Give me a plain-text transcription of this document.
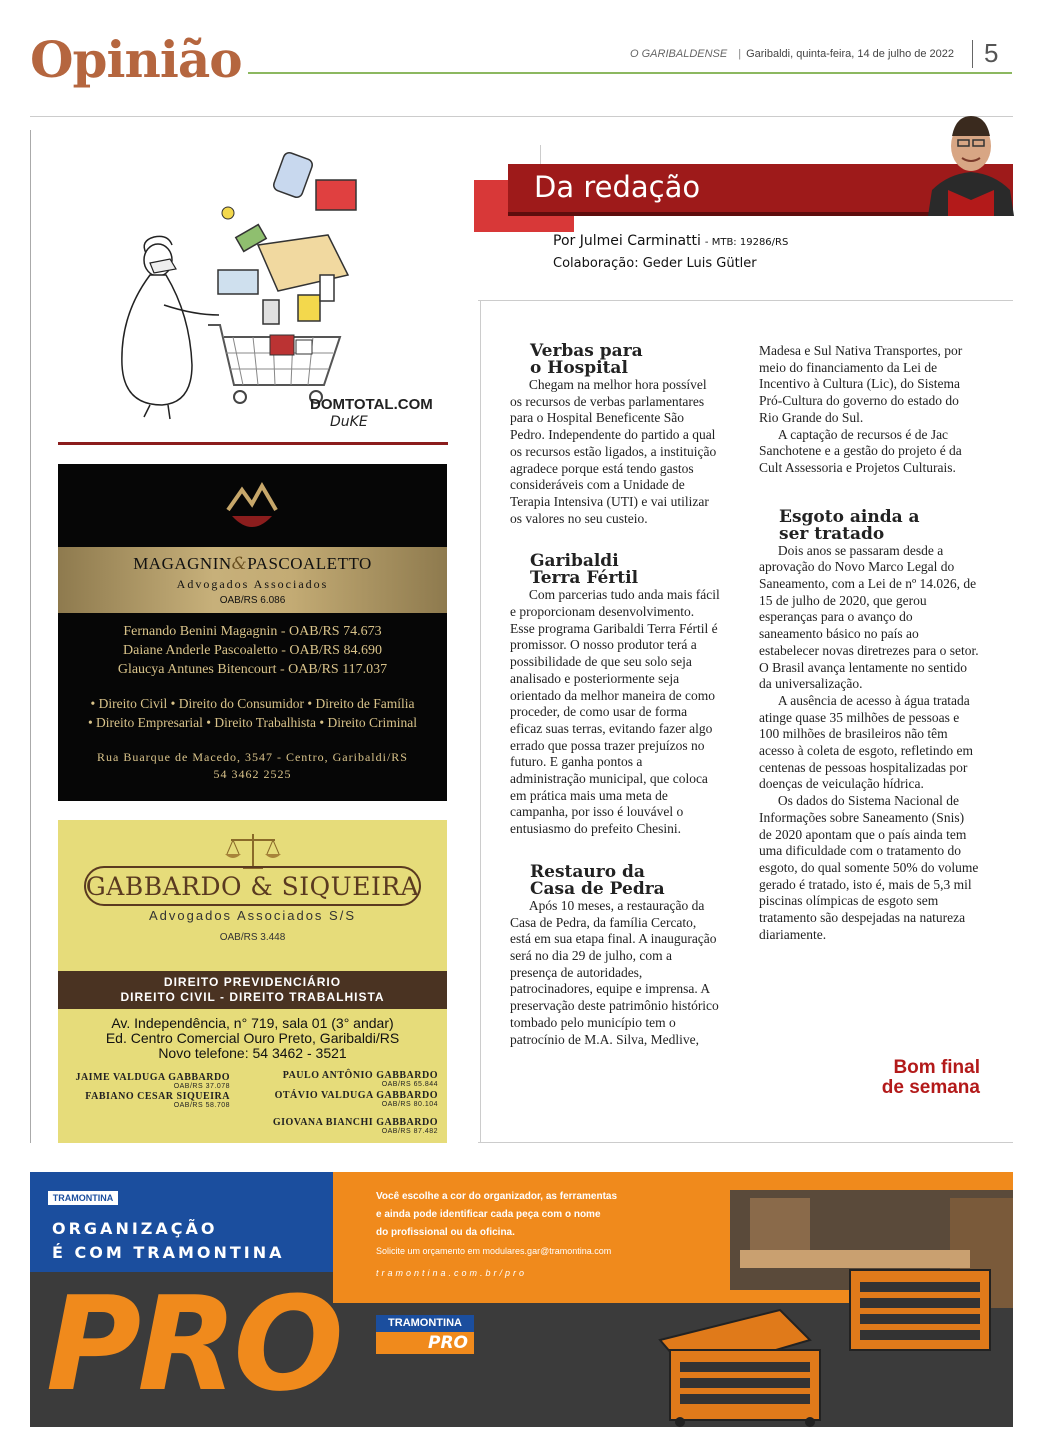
Opinião	O GARIBALDENSE | Garibaldi, quinta-feira, 14 de julho de 2022 5
DOMTOTAL.COM
DuKE
MAGAGNIN&PASCOALETTO
Advogados Associados
OAB/RS 6.086
Fernando Benini Magagnin - OAB/RS 74.673
Daiane Anderle Pascoaletto - OAB/RS 84.690
Glaucya Antunes Bitencourt - OAB/RS 117.037
• Direito Civil • Direito do Consumidor • Direito de Família
• Direito Empresarial • Direito Trabalhista • Direito Criminal
Rua Buarque de Macedo, 3547 - Centro, Garibaldi/RS
54 3462 2525
GABBARDO & SIQUEIRA
Advogados Associados S/S
OAB/RS 3.448
DIREITO PREVIDENCIÁRIO
DIREITO CIVIL - DIREITO TRABALHISTA
Av. Independência, n° 719, sala 01 (3° andar)
Ed. Centro Comercial Ouro Preto, Garibaldi/RS
Novo telefone: 54 3462 - 3521
JAIME VALDUGA GABBARDO
OAB/RS 37.078
PAULO ANTÔNIO GABBARDO
OAB/RS 65.844
FABIANO CESAR SIQUEIRA
OAB/RS 58.708
OTÁVIO VALDUGA GABBARDO
OAB/RS 80.104
GIOVANA BIANCHI GABBARDO
OAB/RS 87.482
Da redação
Por Julmei Carminatti - MTB: 19286/RS
Colaboração: Geder Luis Gütler
Verbas para
o Hospital

Chegam na melhor hora possível os recursos de verbas parlamentares para o Hospital Beneficente São Pedro. Independente do partido a qual os recursos estão ligados, a instituição agradece porque está tendo gastos consideráveis com a Unidade de Terapia Intensiva (UTI) e vai utilizar os valores no seu custeio.

Garibaldi
Terra Fértil

Com parcerias tudo anda mais fácil e proporcionam desenvolvimento. Esse programa Garibaldi Terra Fértil é promissor. O nosso produtor terá a possibilidade de que seu solo seja analisado e posteriormente seja orientado da melhor maneira de como proceder, de como usar de forma eficaz suas terras, evitando fazer algo errado que possa trazer prejuízos no futuro. E ganha pontos a administração municipal, que coloca em prática mais uma meta de campanha, por isso é louvável o entusiasmo do prefeito Chesini.

Restauro da
Casa de Pedra

Após 10 meses, a restauração da Casa de Pedra, da família Cercato, está em sua etapa final. A inauguração será no dia 29 de julho, com a presença de autoridades, patrocinadores, equipe e imprensa. A preservação deste patrimônio histórico tombado pelo município tem o patrocínio de M.A. Silva, Medlive,

Madesa e Sul Nativa Transportes, por meio do financiamento da Lei de Incentivo à Cultura (Lic), do Sistema Pró-Cultura do governo do estado do Rio Grande do Sul.

A captação de recursos é de Jac Sanchotene e a gestão do projeto é da Cult Assessoria e Projetos Culturais.

Esgoto ainda a
ser tratado

Dois anos se passaram desde a aprovação do Novo Marco Legal do Saneamento, com a Lei de nº 14.026, de 15 de julho de 2020, que gerou esperanças para o avanço do saneamento básico no país ao estabelecer novas diretrezes para o setor. O Brasil avança lentamente no sentido da universalização.

A ausência de acesso à água tratada atinge quase 35 milhões de pessoas e 100 milhões de brasileiros não têm acesso à coleta de esgoto, refletindo em centenas de pessoas hospitalizadas por doenças de veiculação hídrica.

Os dados do Sistema Nacional de Informações sobre Saneamento (Snis) de 2020 apontam que o país ainda tem uma dificuldade com o tratamento do esgoto, do qual somente 50% do volume gerado é tratado, isto é, mais de 5,3 mil piscinas olímpicas de esgoto sem tratamento são despejadas na natureza diariamente.

Bom final
de semana
TRAMONTINA
ORGANIZAÇÃO
É COM TRAMONTINA
PRO
Você escolhe a cor do organizador, as ferramentas
e ainda pode identificar cada peça com o nome
do profissional ou da oficina.
Solicite um orçamento em modulares.gar@tramontina.com
tramontina.com.br/pro
TRAMONTINA
PRO
